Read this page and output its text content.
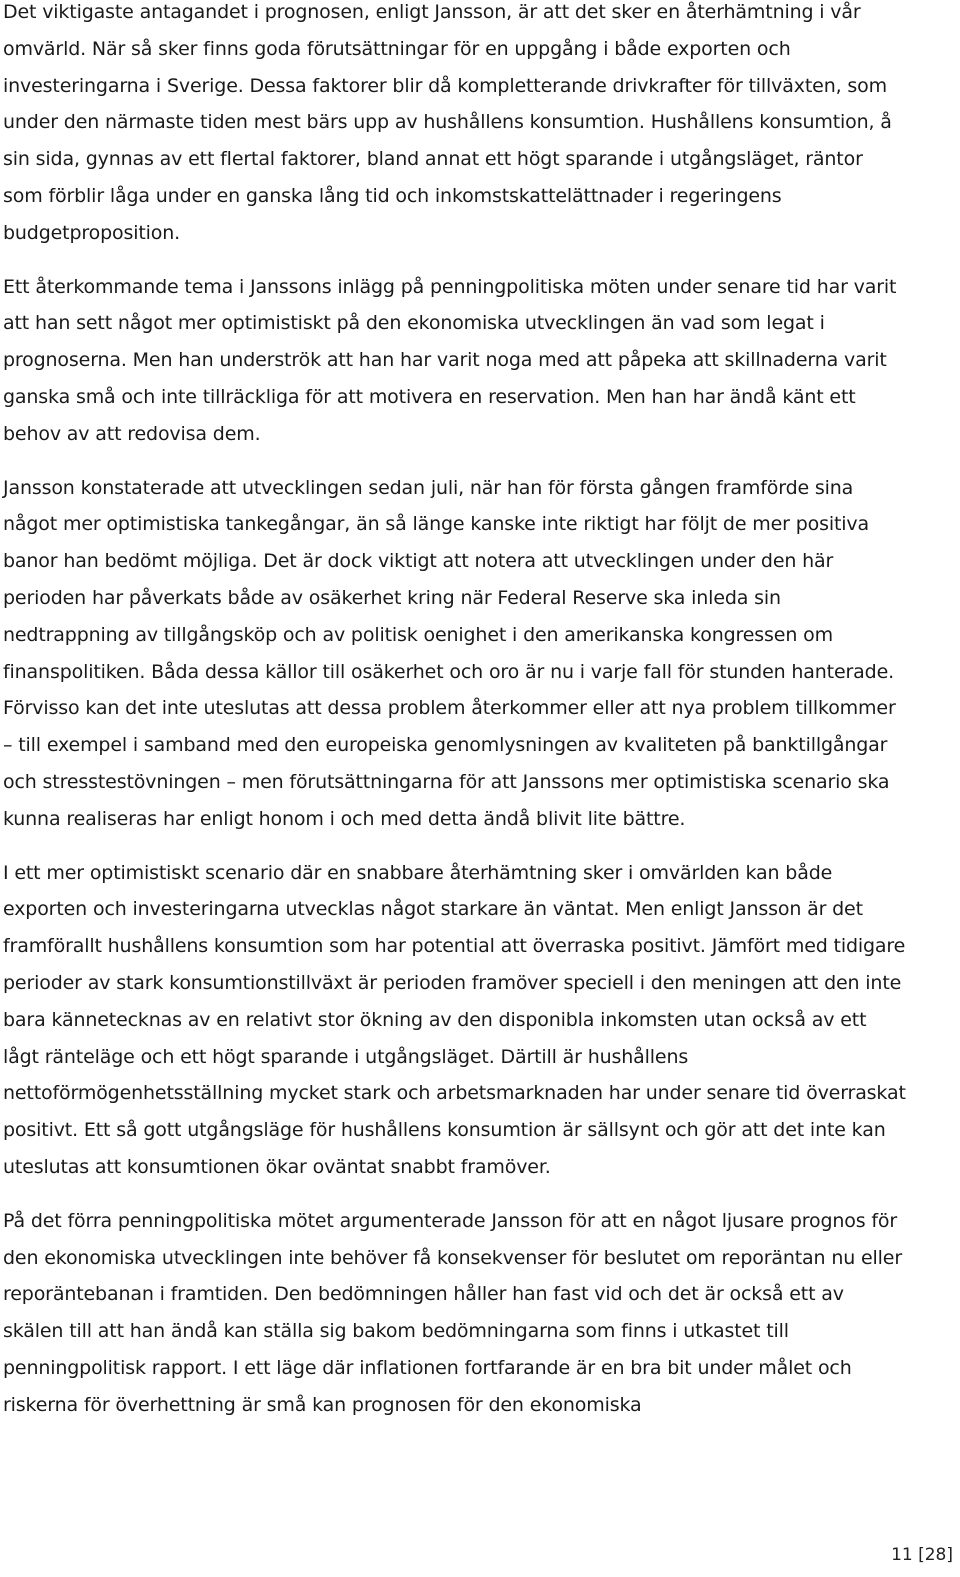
Det viktigaste antagandet i prognosen, enligt Jansson, är att det sker en återhämtning i vår omvärld. När så sker finns goda förutsättningar för en uppgång i både exporten och investeringarna i Sverige. Dessa faktorer blir då kompletterande drivkrafter för tillväxten, som under den närmaste tiden mest bärs upp av hushållens konsumtion. Hushållens konsumtion, å sin sida, gynnas av ett flertal faktorer, bland annat ett högt sparande i utgångsläget, räntor som förblir låga under en ganska lång tid och inkomstskattelättnader i regeringens budgetproposition.

Ett återkommande tema i Janssons inlägg på penningpolitiska möten under senare tid har varit att han sett något mer optimistiskt på den ekonomiska utvecklingen än vad som legat i prognoserna. Men han underströk att han har varit noga med att påpeka att skillnaderna varit ganska små och inte tillräckliga för att motivera en reservation. Men han har ändå känt ett behov av att redovisa dem.

Jansson konstaterade att utvecklingen sedan juli, när han för första gången framförde sina något mer optimistiska tankegångar, än så länge kanske inte riktigt har följt de mer positiva banor han bedömt möjliga. Det är dock viktigt att notera att utvecklingen under den här perioden har påverkats både av osäkerhet kring när Federal Reserve ska inleda sin nedtrappning av tillgångsköp och av politisk oenighet i den amerikanska kongressen om finanspolitiken. Båda dessa källor till osäkerhet och oro är nu i varje fall för stunden hanterade. Förvisso kan det inte uteslutas att dessa problem återkommer eller att nya problem tillkommer – till exempel i samband med den europeiska genomlysningen av kvaliteten på banktillgångar och stresstestövningen – men förutsättningarna för att Janssons mer optimistiska scenario ska kunna realiseras har enligt honom i och med detta ändå blivit lite bättre.

I ett mer optimistiskt scenario där en snabbare återhämtning sker i omvärlden kan både exporten och investeringarna utvecklas något starkare än väntat. Men enligt Jansson är det framförallt hushållens konsumtion som har potential att överraska positivt. Jämfört med tidigare perioder av stark konsumtionstillväxt är perioden framöver speciell i den meningen att den inte bara kännetecknas av en relativt stor ökning av den disponibla inkomsten utan också av ett lågt ränteläge och ett högt sparande i utgångsläget. Därtill är hushållens nettoförmögenhetsställning mycket stark och arbetsmarknaden har under senare tid överraskat positivt. Ett så gott utgångsläge för hushållens konsumtion är sällsynt och gör att det inte kan uteslutas att konsumtionen ökar oväntat snabbt framöver.

På det förra penningpolitiska mötet argumenterade Jansson för att en något ljusare prognos för den ekonomiska utvecklingen inte behöver få konsekvenser för beslutet om reporäntan nu eller reporäntebanan i framtiden. Den bedömningen håller han fast vid och det är också ett av skälen till att han ändå kan ställa sig bakom bedömningarna som finns i utkastet till penningpolitisk rapport. I ett läge där inflationen fortfarande är en bra bit under målet och riskerna för överhettning är små kan prognosen för den ekonomiska

11 [28]
